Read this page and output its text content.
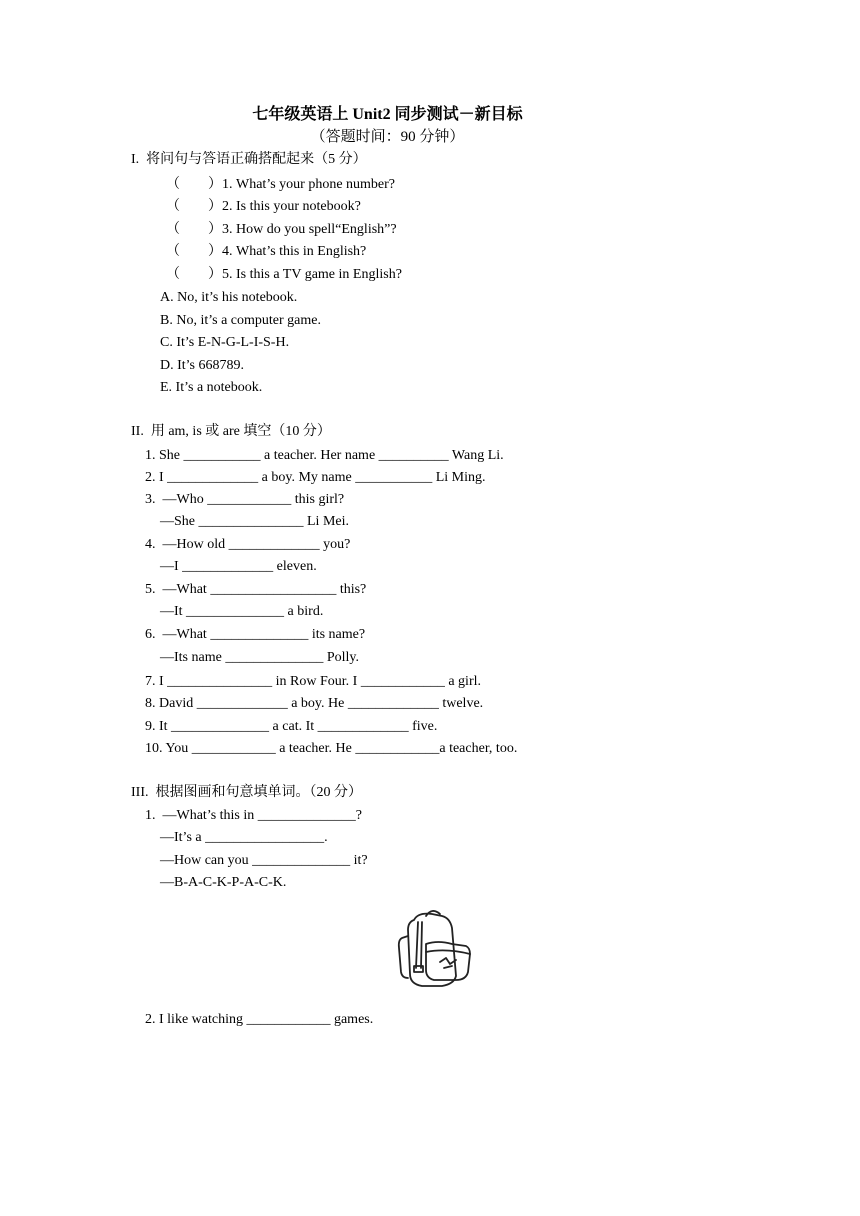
七年级英语上 Unit2 同步测试－新目标
（答题时间：90 分钟）
I.  将问句与答语正确搭配起来（5 分）
（        ）1. What’s your phone number?
（        ）2. Is this your notebook?
（        ）3. How do you spell“English”?
（        ）4. What’s this in English?
（        ）5. Is this a TV game in English?
A. No, it’s his notebook.
B. No, it’s a computer game.
C. It’s E-N-G-L-I-S-H.
D. It’s 668789.
E. It’s a notebook.
II.  用 am, is 或 are 填空（10 分）
1. She ___________ a teacher. Her name __________ Wang Li.
2. I _____________ a boy. My name ___________ Li Ming.
3.  —Who ____________ this girl?
—She _______________ Li Mei.
4.  —How old _____________ you?
—I _____________ eleven.
5.  —What __________________ this?
—It ______________ a bird.
6.  —What ______________ its name?
—Its name ______________ Polly.
7. I _______________ in Row Four. I ____________ a girl.
8. David _____________ a boy. He _____________ twelve.
9. It ______________ a cat. It _____________ five.
10. You ____________ a teacher. He ____________a teacher, too.
III.  根据图画和句意填单词。（20 分）
1.  —What’s this in ______________?
—It’s a _________________.
—How can you ______________ it?
—B-A-C-K-P-A-C-K.
2. I like watching ____________ games.
